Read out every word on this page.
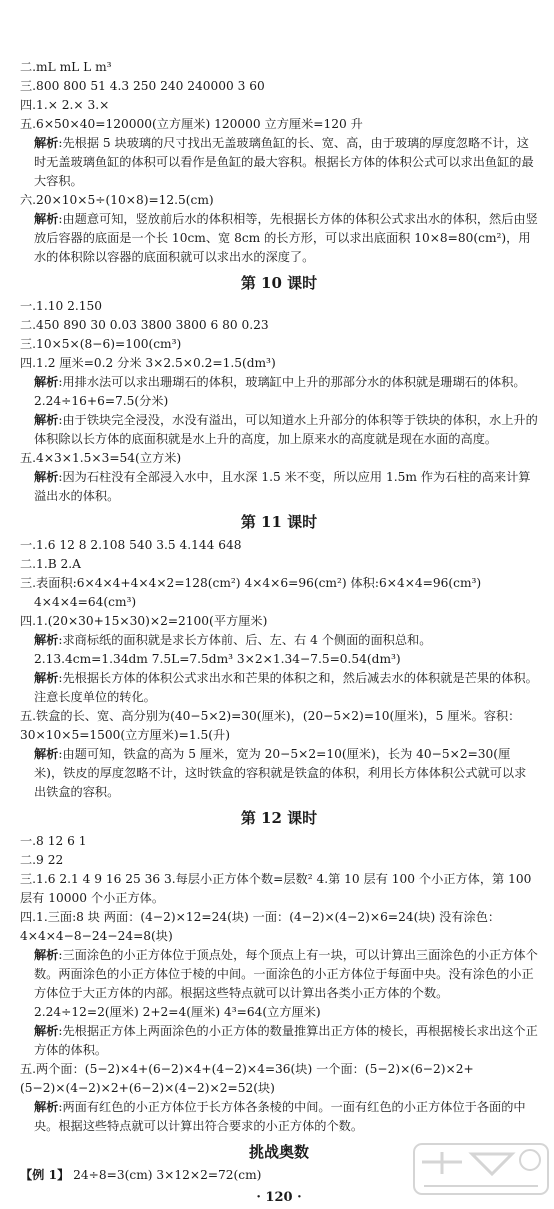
二.mL mL L m³
三.800 800 51 4.3 250 240 240000 3 60
四.1.× 2.× 3.×
五.6×50×40=120000(立方厘米) 120000 立方厘米=120 升
解析:先根据 5 块玻璃的尺寸找出无盖玻璃鱼缸的长、宽、高，由于玻璃的厚度忽略不计，这时无盖玻璃鱼缸的体积可以看作是鱼缸的最大容积。根据长方体的体积公式可以求出鱼缸的最大容积。
六.20×10×5÷(10×8)=12.5(cm)
解析:由题意可知，竖放前后水的体积相等，先根据长方体的体积公式求出水的体积，然后由竖放后容器的底面是一个长 10cm、宽 8cm 的长方形，可以求出底面积 10×8=80(cm²)，用水的体积除以容器的底面积就可以求出水的深度了。
第 10 课时
一.1.10 2.150
二.450 890 30 0.03 3800 3800 6 80 0.23
三.10×5×(8−6)=100(cm³)
四.1.2 厘米=0.2 分米 3×2.5×0.2=1.5(dm³)
解析:用排水法可以求出珊瑚石的体积，玻璃缸中上升的那部分水的体积就是珊瑚石的体积。
2.24÷16+6=7.5(分米)
解析:由于铁块完全浸没，水没有溢出，可以知道水上升部分的体积等于铁块的体积，水上升的体积除以长方体的底面积就是水上升的高度，加上原来水的高度就是现在水面的高度。
五.4×3×1.5×3=54(立方米)
解析:因为石柱没有全部浸入水中，且水深 1.5 米不变，所以应用 1.5m 作为石柱的高来计算溢出水的体积。
第 11 课时
一.1.6 12 8 2.108 540 3.5 4.144 648
二.1.B 2.A
三.表面积:6×4×4+4×4×2=128(cm²) 4×4×6=96(cm²) 体积:6×4×4=96(cm³)
4×4×4=64(cm³)
四.1.(20×30+15×30)×2=2100(平方厘米)
解析:求商标纸的面积就是求长方体前、后、左、右 4 个侧面的面积总和。
2.13.4cm=1.34dm 7.5L=7.5dm³ 3×2×1.34−7.5=0.54(dm³)
解析:先根据长方体的体积公式求出水和芒果的体积之和，然后减去水的体积就是芒果的体积。注意长度单位的转化。
五.铁盒的长、宽、高分别为(40−5×2)=30(厘米)，(20−5×2)=10(厘米)，5 厘米。容积：30×10×5=1500(立方厘米)=1.5(升)
解析:由题可知，铁盒的高为 5 厘米，宽为 20−5×2=10(厘米)，长为 40−5×2=30(厘米)，铁皮的厚度忽略不计，这时铁盒的容积就是铁盒的体积，利用长方体体积公式就可以求出铁盒的容积。
第 12 课时
一.8 12 6 1
二.9 22
三.1.6 2.1 4 9 16 25 36 3.每层小正方体个数=层数² 4.第 10 层有 100 个小正方体，第 100 层有 10000 个小正方体。
四.1.三面:8 块 两面：(4−2)×12=24(块) 一面：(4−2)×(4−2)×6=24(块) 没有涂色：4×4×4−8−24−24=8(块)
解析:三面涂色的小正方体位于顶点处，每个顶点上有一块，可以计算出三面涂色的小正方体个数。两面涂色的小正方体位于棱的中间。一面涂色的小正方体位于每面中央。没有涂色的小正方体位于大正方体的内部。根据这些特点就可以计算出各类小正方体的个数。
2.24÷12=2(厘米) 2+2=4(厘米) 4³=64(立方厘米)
解析:先根据正方体上两面涂色的小正方体的数量推算出正方体的棱长，再根据棱长求出这个正方体的体积。
五.两个面：(5−2)×4+(6−2)×4+(4−2)×4=36(块) 一个面：(5−2)×(6−2)×2+(5−2)×(4−2)×2+(6−2)×(4−2)×2=52(块)
解析:两面有红色的小正方体位于长方体各条棱的中间。一面有红色的小正方体位于各面的中央。根据这些特点就可以计算出符合要求的小正方体的个数。
挑战奥数
【例 1】 24÷8=3(cm) 3×12×2=72(cm)
· 120 ·
